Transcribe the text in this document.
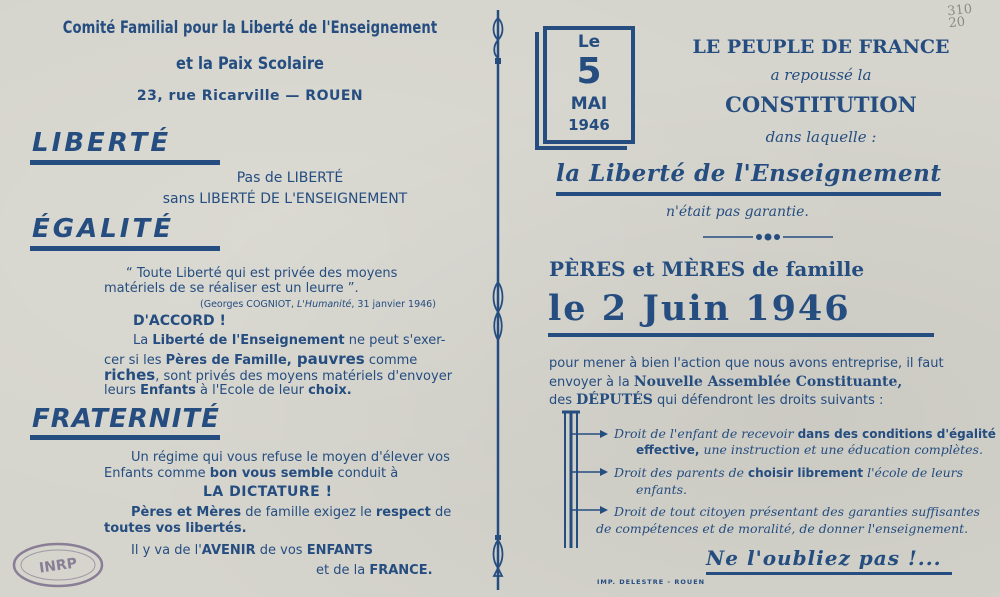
Comité Familial pour la Liberté de l'Enseignement
et la Paix Scolaire
23, rue Ricarville — ROUEN
LIBERTÉ
Pas de LIBERTÉ
sans LIBERTÉ DE L'ENSEIGNEMENT
ÉGALITÉ
“ Toute Liberté qui est privée des moyens
matériels de se réaliser est un leurre ”.
(Georges COGNIOT, L'Humanité, 31 janvier 1946)
D'ACCORD !
La Liberté de l'Enseignement ne peut s'exer-
cer si les Pères de Famille, pauvres comme
riches, sont privés des moyens matériels d'envoyer
leurs Enfants à l'Ecole de leur choix.
FRATERNITÉ
Un régime qui vous refuse le moyen d'élever vos
Enfants comme bon vous semble conduit à
LA DICTATURE !
Pères et Mères de famille exigez le respect de
toutes vos libertés.
Il y va de l'AVENIR de vos ENFANTS
et de la FRANCE.
INRP
Le
5
MAI
1946
LE PEUPLE DE FRANCE
a repoussé la
CONSTITUTION
dans laquelle :
la Liberté de l'Enseignement
n'était pas garantie.
PÈRES et MÈRES de famille
le 2 Juin 1946
pour mener à bien l'action que nous avons entreprise, il faut
envoyer à la Nouvelle Assemblée Constituante,
des DÉPUTÉS qui défendront les droits suivants :
Droit de l'enfant de recevoir dans des conditions d'égalité
effective, une instruction et une éducation complètes.
Droit des parents de choisir librement l'école de leurs
enfants.
Droit de tout citoyen présentant des garanties suffisantes
de compétences et de moralité, de donner l'enseignement.
Ne l'oubliez pas !...
IMP. DELESTRE - ROUEN
310
20
